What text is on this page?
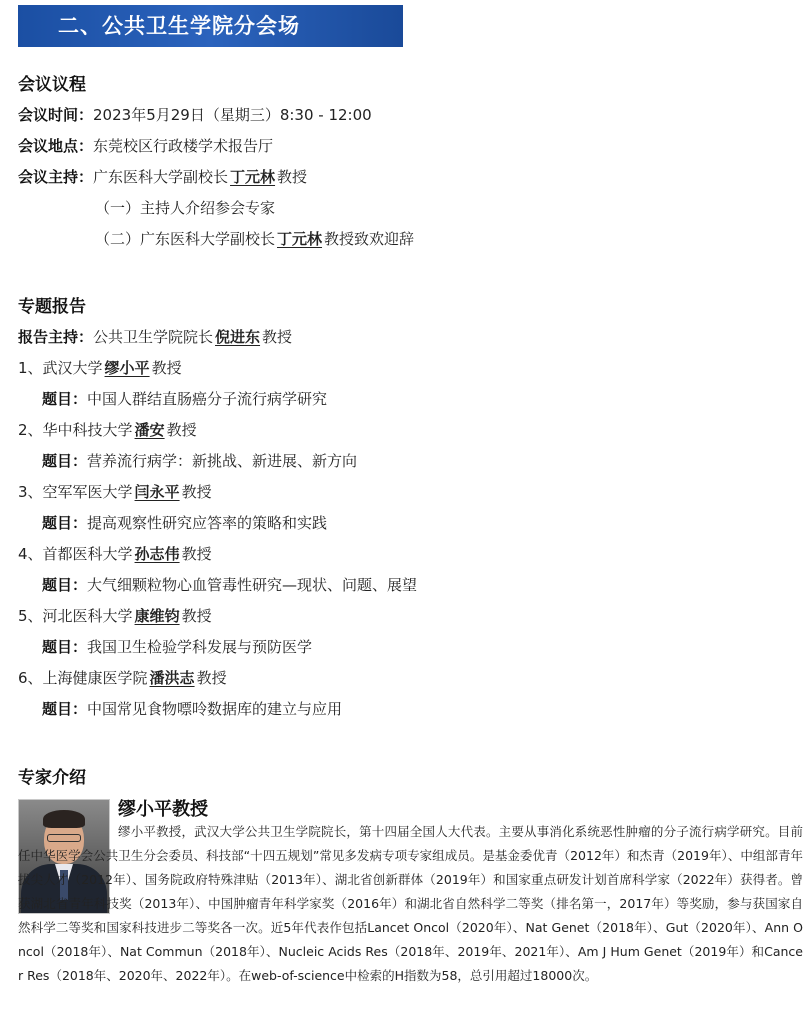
二、公共卫生学院分会场
会议议程
会议时间：2023年5月29日（星期三）8:30 - 12:00
会议地点：东莞校区行政楼学术报告厅
会议主持：广东医科大学副校长 丁元林 教授
（一）主持人介绍参会专家
（二）广东医科大学副校长 丁元林 教授致欢迎辞
专题报告
报告主持：公共卫生学院院长 倪进东 教授
1、武汉大学 缪小平 教授
题目：中国人群结直肠癌分子流行病学研究
2、华中科技大学 潘安 教授
题目：营养流行病学：新挑战、新进展、新方向
3、空军军医大学 闫永平 教授
题目：提高观察性研究应答率的策略和实践
4、首都医科大学 孙志伟 教授
题目：大气细颗粒物心血管毒性研究—现状、问题、展望
5、河北医科大学 康维钧 教授
题目：我国卫生检验学科发展与预防医学
6、上海健康医学院 潘洪志 教授
题目：中国常见食物嘌呤数据库的建立与应用
专家介绍
缪小平教授
缪小平教授，武汉大学公共卫生学院院长，第十四届全国人大代表。主要从事消化系统恶性肿瘤的分子流行病学研究。目前任中华医学会公共卫生分会委员、科技部“十四五规划”常见多发病专项专家组成员。是基金委优青（2012年）和杰青（2019年）、中组部青年拔尖人才（2012年）、国务院政府特殊津贴（2013年）、湖北省创新群体（2019年）和国家重点研发计划首席科学家（2022年）获得者。曾获湖北省青年科技奖（2013年）、中国肿瘤青年科学家奖（2016年）和湖北省自然科学二等奖（排名第一，2017年）等奖励，参与获国家自然科学二等奖和国家科技进步二等奖各一次。近5年代表作包括Lancet Oncol（2020年）、Nat Genet（2018年）、Gut（2020年）、Ann Oncol（2018年）、Nat Commun（2018年）、Nucleic Acids Res（2018年、2019年、2021年）、Am J Hum Genet（2019年）和Cancer Res（2018年、2020年、2022年）。在web-of-science中检索的H指数为58，总引用超过18000次。
